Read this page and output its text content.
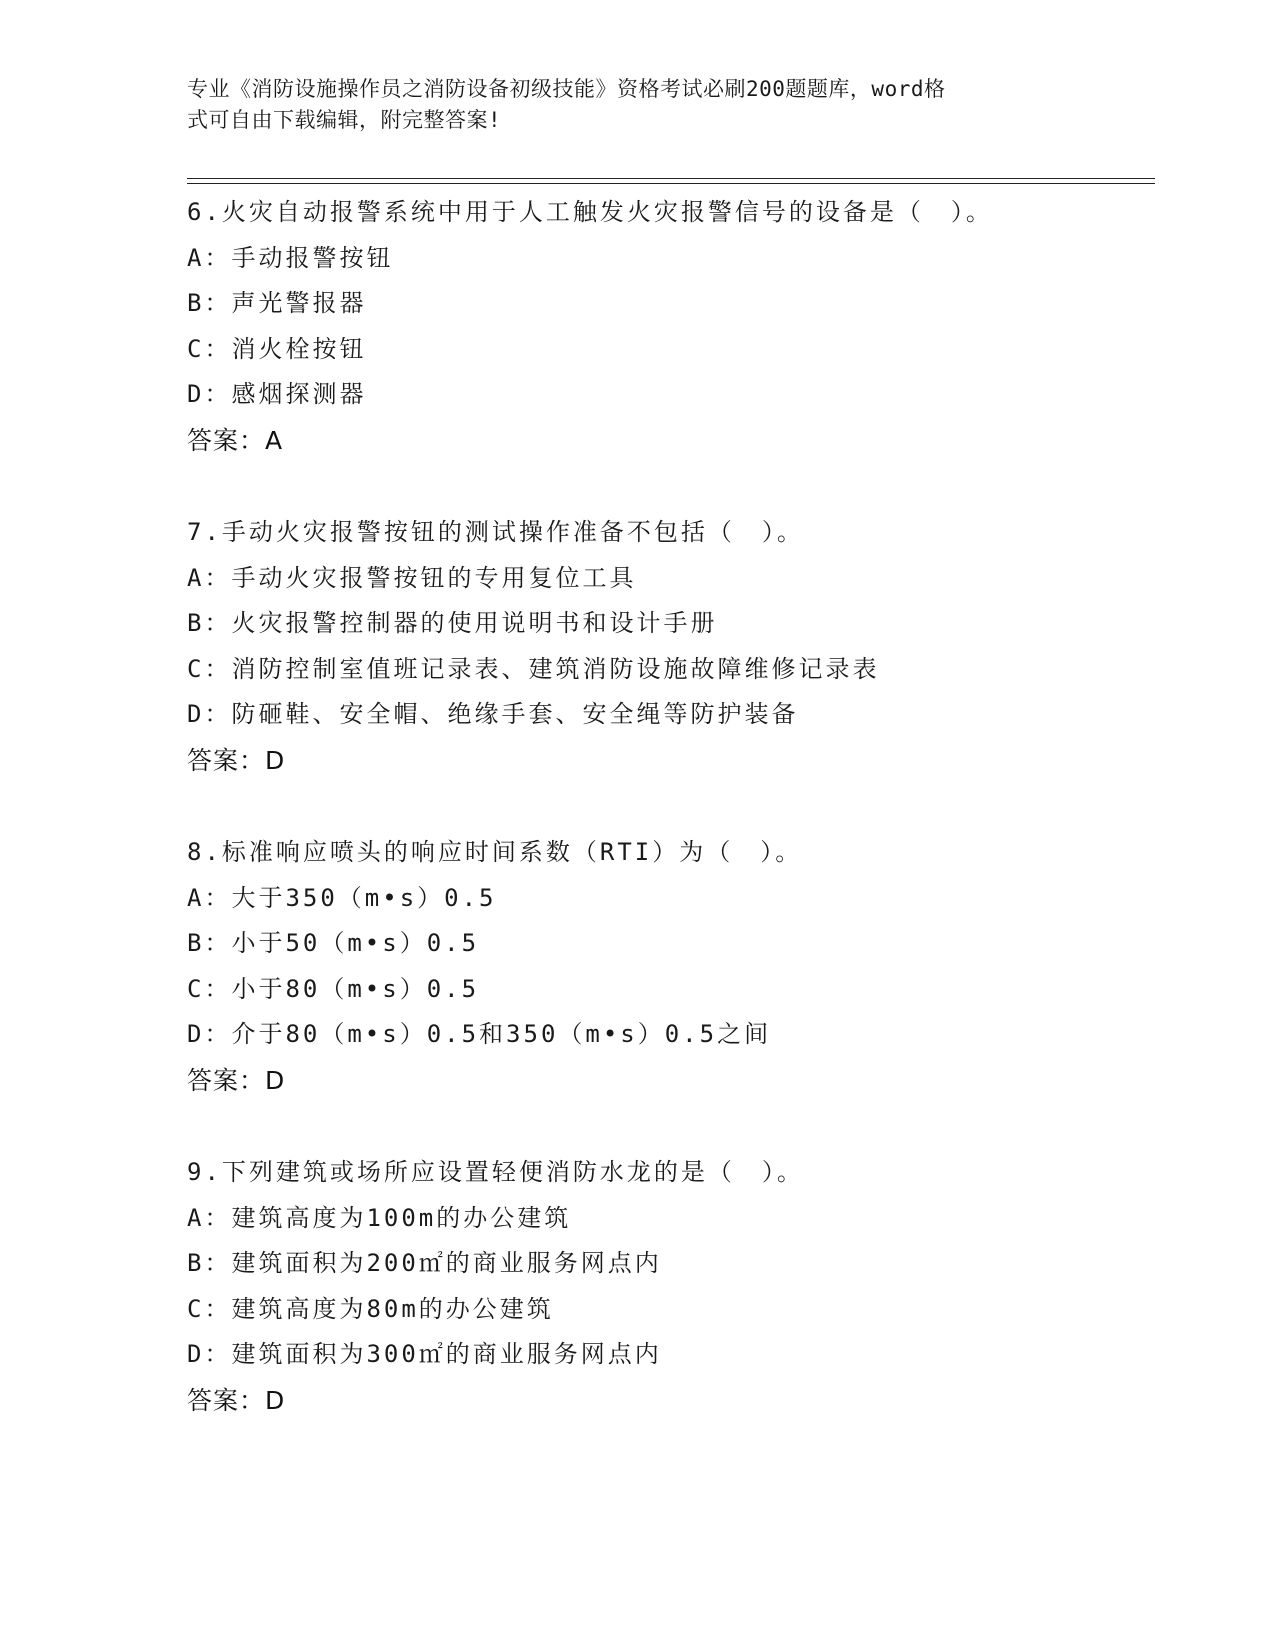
专业《消防设施操作员之消防设备初级技能》资格考试必刷200题题库，word格

式可自由下载编辑，附完整答案!

6.火灾自动报警系统中用于人工触发火灾报警信号的设备是（　）。
A：手动报警按钮
B：声光警报器
C：消火栓按钮
D：感烟探测器
答案：A
7.手动火灾报警按钮的测试操作准备不包括（　）。
A：手动火灾报警按钮的专用复位工具
B：火灾报警控制器的使用说明书和设计手册
C：消防控制室值班记录表、建筑消防设施故障维修记录表
D：防砸鞋、安全帽、绝缘手套、安全绳等防护装备
答案：D
8.标准响应喷头的响应时间系数（RTI）为（　）。
A：大于350（m•s）0.5
B：小于50（m•s）0.5
C：小于80（m•s）0.5
D：介于80（m•s）0.5和350（m•s）0.5之间
答案：D
9.下列建筑或场所应设置轻便消防水龙的是（　）。
A：建筑高度为100m的办公建筑
B：建筑面积为200㎡的商业服务网点内
C：建筑高度为80m的办公建筑
D：建筑面积为300㎡的商业服务网点内
答案：D
